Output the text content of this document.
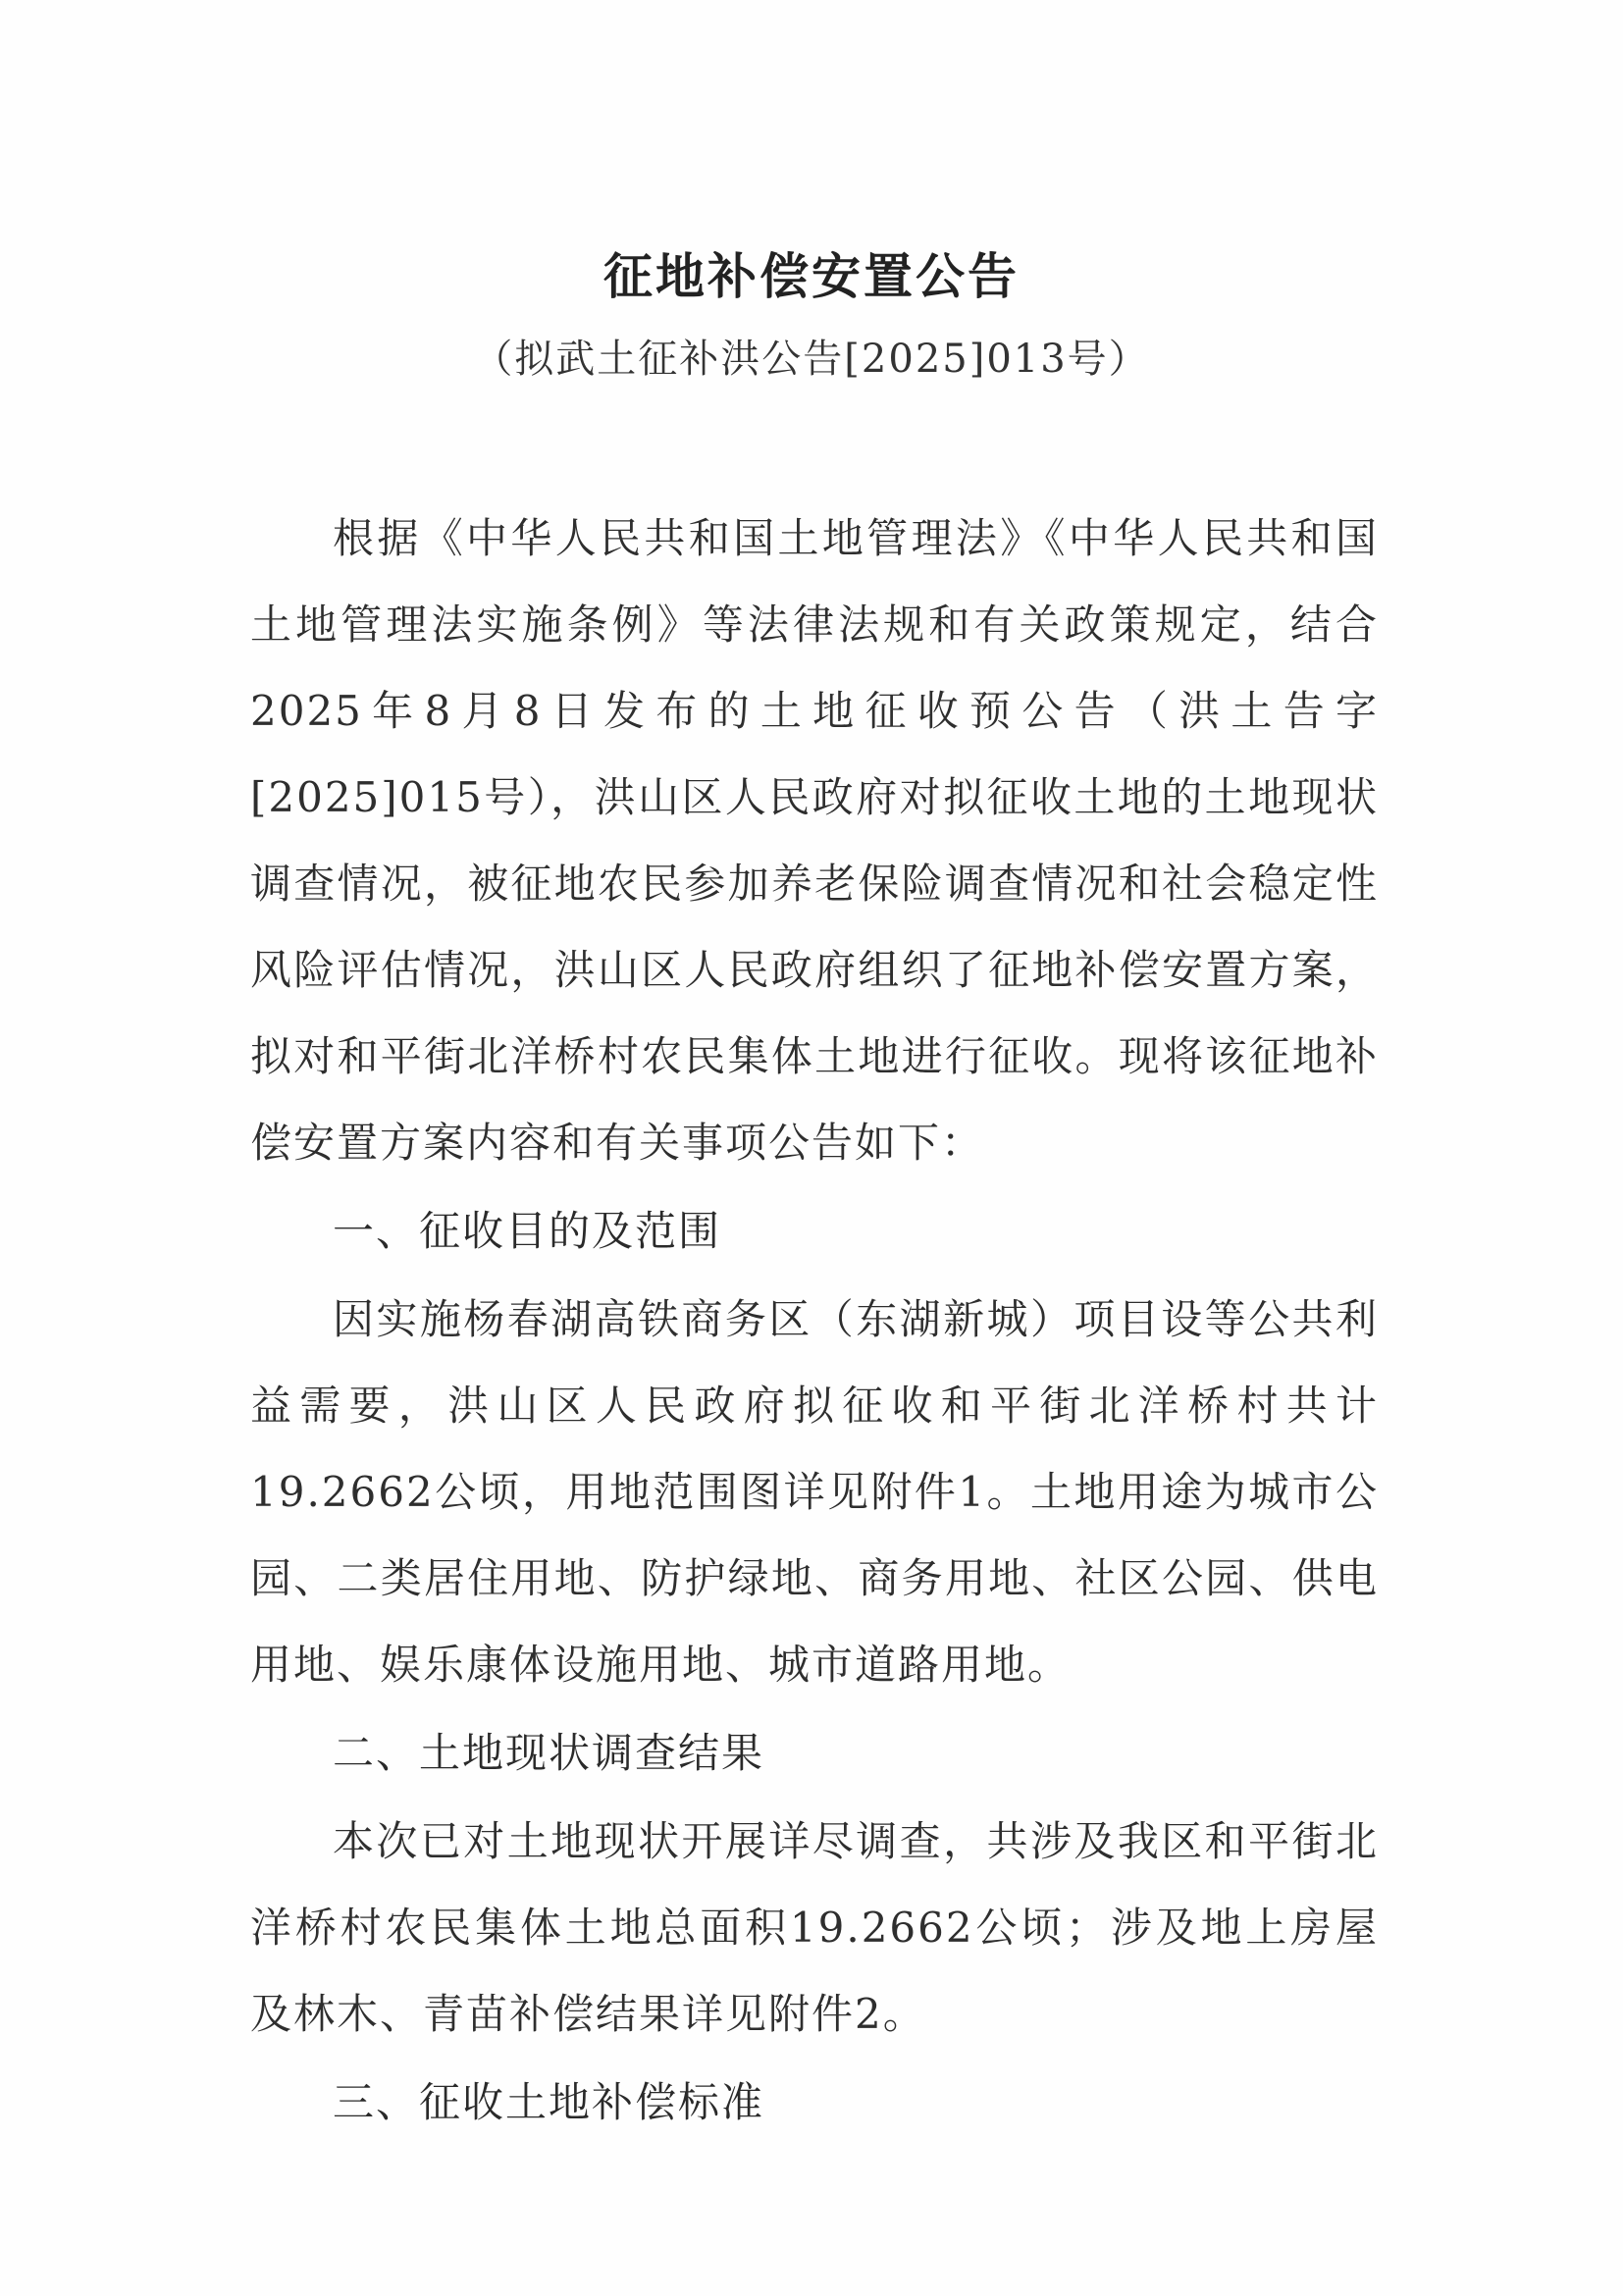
征地补偿安置公告
（拟武土征补洪公告[2025]013号）

根据《中华人民共和国土地管理法》《中华人民共和国土地管理法实施条例》等法律法规和有关政策规定，结合2025年8月8日发布的土地征收预公告（洪土告字[2025]015号），洪山区人民政府对拟征收土地的土地现状调查情况，被征地农民参加养老保险调查情况和社会稳定性风险评估情况，洪山区人民政府组织了征地补偿安置方案，拟对和平街北洋桥村农民集体土地进行征收。现将该征地补偿安置方案内容和有关事项公告如下：

一、征收目的及范围

因实施杨春湖高铁商务区（东湖新城）项目设等公共利益需要，洪山区人民政府拟征收和平街北洋桥村共计19.2662公顷，用地范围图详见附件1。土地用途为城市公园、二类居住用地、防护绿地、商务用地、社区公园、供电用地、娱乐康体设施用地、城市道路用地。

二、土地现状调查结果

本次已对土地现状开展详尽调查，共涉及我区和平街北洋桥村农民集体土地总面积19.2662公顷；涉及地上房屋及林木、青苗补偿结果详见附件2。

三、征收土地补偿标准
